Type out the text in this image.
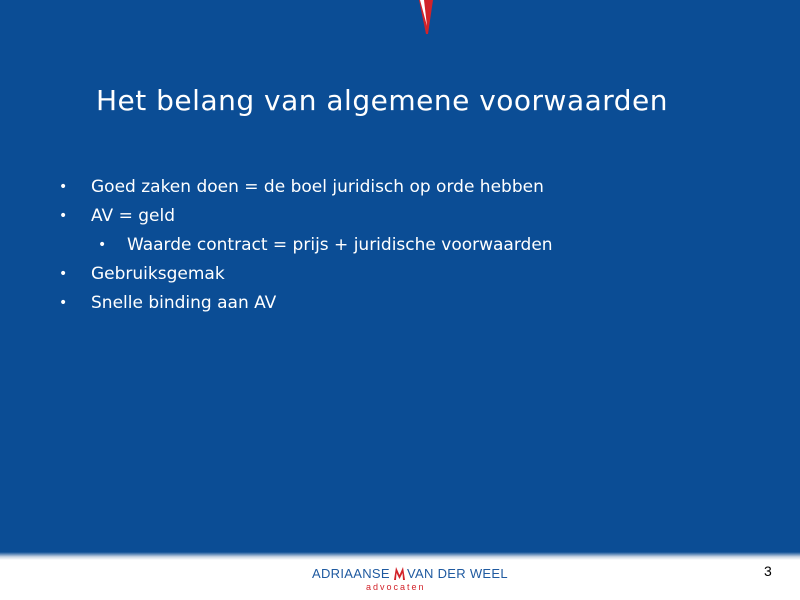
Het belang van algemene voorwaarden
• Goed zaken doen = de boel juridisch op orde hebben
• AV = geld
• Waarde contract = prijs + juridische voorwaarden
• Gebruiksgemak
• Snelle binding aan AV
ADRIAANSE VAN DER WEEL
advocaten
3
